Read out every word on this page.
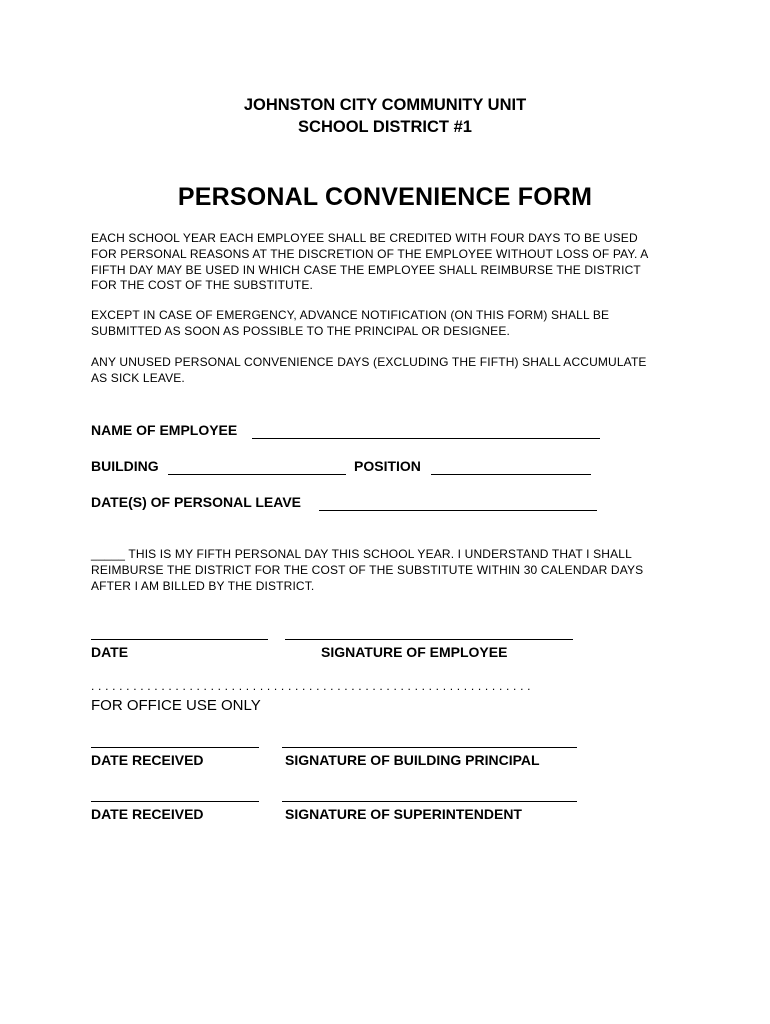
JOHNSTON CITY COMMUNITY UNIT
SCHOOL DISTRICT #1
PERSONAL CONVENIENCE FORM
EACH SCHOOL YEAR EACH EMPLOYEE SHALL BE CREDITED WITH FOUR DAYS TO BE USED
FOR PERSONAL REASONS AT THE DISCRETION OF THE EMPLOYEE WITHOUT LOSS OF PAY. A
FIFTH DAY MAY BE USED IN WHICH CASE THE EMPLOYEE SHALL REIMBURSE THE DISTRICT
FOR THE COST OF THE SUBSTITUTE.
EXCEPT IN CASE OF EMERGENCY, ADVANCE NOTIFICATION (ON THIS FORM) SHALL BE
SUBMITTED AS SOON AS POSSIBLE TO THE PRINCIPAL OR DESIGNEE.
ANY UNUSED PERSONAL CONVENIENCE DAYS (EXCLUDING THE FIFTH) SHALL ACCUMULATE
AS SICK LEAVE.
NAME OF EMPLOYEE
BUILDING	POSITION
DATE(S) OF PERSONAL LEAVE
_____ THIS IS MY FIFTH PERSONAL DAY THIS SCHOOL YEAR. I UNDERSTAND THAT I SHALL
REIMBURSE THE DISTRICT FOR THE COST OF THE SUBSTITUTE WITHIN 30 CALENDAR DAYS
AFTER I AM BILLED BY THE DISTRICT.
DATE	SIGNATURE OF EMPLOYEE
...............................................................
FOR OFFICE USE ONLY
DATE RECEIVED	SIGNATURE OF BUILDING PRINCIPAL
DATE RECEIVED	SIGNATURE OF SUPERINTENDENT
